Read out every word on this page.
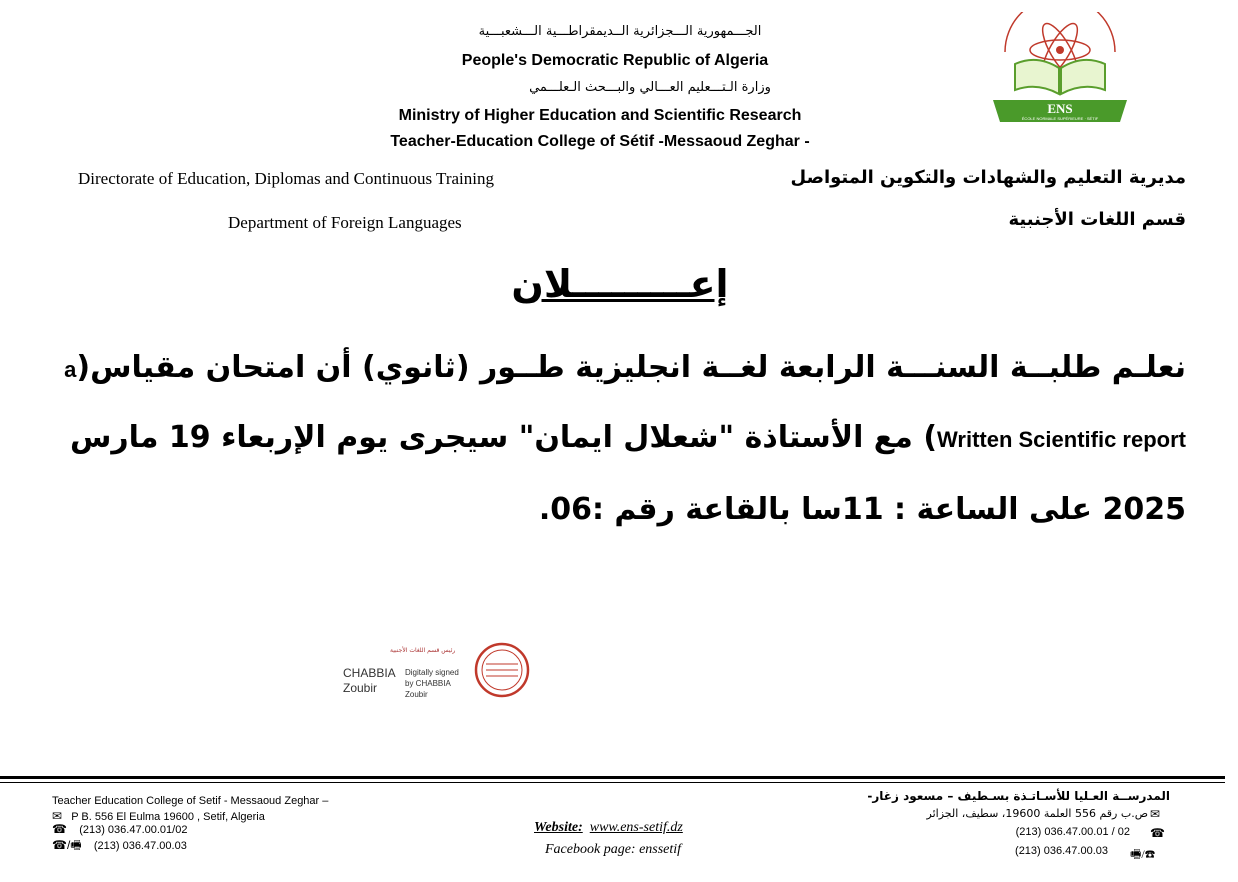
ENS
ÉCOLE NORMALE SUPÉRIEURE · SÉTIF
الجـــمهورية الـــجزائرية الــديمقراطـــية الـــشعبـــية
People's Democratic Republic of Algeria
وزارة الـتـــعليم العـــالي والبـــحث الـعلـــمي
Ministry of Higher Education and Scientific Research
Teacher-Education College of Sétif -Messaoud Zeghar -
Directorate of Education, Diplomas and Continuous Training
Department of Foreign Languages
مديرية التعليم والشهادات والتكوين المتواصل
قسم اللغات الأجنبية
إعـــــــــلان
نعلـم طلبــة السنـــة الرابعة لغــة انجليزية طــور (ثانوي) أن امتحان مقياس(a
Written Scientific report) مع الأستاذة "شعلال ايمان" سيجرى يوم الإربعاء 19 مارس
2025 على الساعة : 11سا بالقاعة رقم :06.
رئيس قسم اللغات الأجنبية
CHABBIA
Zoubir
Digitally signed
by CHABBIA
Zoubir
Teacher Education College of Setif - Messaoud Zeghar –
✉ P B. 556 El Eulma 19600 , Setif, Algeria
☎ (213) 036.47.00.01/02
☎/🖷 (213) 036.47.00.03
Website: www.ens-setif.dz
Facebook page: enssetif
المدرســة العـليا للأسـاتـذة بسـطيف – مسعود زغار-
ص.ب رقم 556 العلمة 19600، سطيف، الجزائر ✉
(213) 036.47.00.01 / 02 ☎
(213) 036.47.00.03 🖷/☎
